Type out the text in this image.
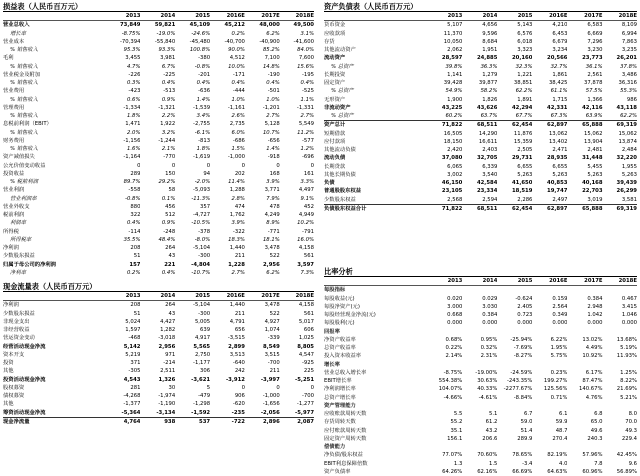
损益表（人民币百万元）
	2013	2014	2015	2016E	2017E	2018E
营业总收入	73,849	59,821	45,109	45,212	48,000	49,500
增长率	-8.75%	-19.0%	-24.6%	0.2%	6.2%	3.1%
营业成本	-70,394	-55,840	-45,480	-40,700	-40,900	-41,600
% 销售收入	95.3%	93.3%	100.8%	90.0%	85.2%	84.0%
毛利	3,455	3,981	-380	4,512	7,100	7,600
% 销售收入	4.7%	6.7%	-0.8%	10.0%	14.8%	15.6%
营业税金及附加	-226	-225	-201	-171	-190	-195
% 销售收入	0.3%	0.4%	0.4%	0.4%	0.4%	0.4%
营业费用	-423	-513	-636	-444	-501	-525
% 销售收入	0.6%	0.9%	1.4%	1.0%	1.0%	1.1%
管理费用	-1,334	-1,321	-1,539	-1,161	-1,201	-1,331
% 销售收入	1.8%	2.2%	3.4%	2.6%	2.7%	2.7%
息税前利润（EBIT）	1,471	1,922	-2,755	2,735	5,128	5,549
% 销售收入	2.0%	3.2%	-6.1%	6.0%	10.7%	11.2%
财务费用	-1,156	-1,244	-813	-686	-656	-577
% 销售收入	1.6%	2.1%	1.8%	1.5%	1.4%	1.2%
资产减值损失	-1,164	-770	-1,619	-1,000	-918	-696
公允价值变动收益	0	0	0	0	0	0
投资收益	289	150	94	202	168	161
% 税前利润	89.7%	29.2%	-2.0%	11.4%	3.9%	3.3%
营业利润	-558	58	-5,093	1,288	3,771	4,497
营业利润率	-0.8%	0.1%	-11.3%	2.8%	7.9%	9.1%
营业外收支	880	456	357	474	478	452
税前利润	322	512	-4,727	1,762	4,249	4,949
利润率	0.4%	0.9%	-10.5%	3.9%	8.9%	10.2%
所得税	-114	-248	-378	-322	-771	-791
所得税率	35.5%	48.4%	-8.0%	18.3%	18.1%	16.0%
净利润	208	264	-5,104	1,440	3,478	4,158
少数股东损益	51	43	-300	211	522	561
归属于母公司的净利润	157	221	-4,804	1,228	2,956	3,597
净利率	0.2%	0.4%	-10.7%	2.7%	6.2%	7.3%
资产负债表（人民币百万元）
	2013	2014	2015	2016E	2017E	2018E
货币资金	5,107	4,656	5,143	4,210	6,583	8,109
应收款项	11,370	9,596	6,576	6,453	6,669	6,994
存货	10,050	8,684	6,018	6,679	7,296	7,863
其他流动资产	2,062	1,951	3,323	3,234	3,230	3,235
流动资产	28,597	24,885	20,160	20,566	23,773	26,201
% 总资产	39.8%	36.3%	32.3%	32.7%	36.1%	37.8%
长期投资	1,141	1,279	1,221	1,861	2,561	3,486
固定资产	39,428	39,877	38,851	38,425	37,878	36,316
% 总资产	54.9%	58.2%	62.2%	61.1%	57.5%	55.3%
无形资产	1,900	1,826	1,891	1,715	1,366	986
非流动资产	43,225	43,626	42,294	42,331	42,116	43,118
% 总资产	60.2%	63.7%	67.7%	67.3%	63.9%	62.2%
资产总计	71,822	68,511	62,454	62,897	65,888	69,319
短期借款	16,505	14,290	11,876	13,062	15,062	15,062
应付款项	18,150	16,611	15,359	13,402	13,904	13,874
其他流动负债	2,420	2,403	2,505	2,471	2,481	2,484
流动负债	37,080	32,705	29,731	28,935	31,448	32,220
长期贷款	6,065	6,339	6,655	6,655	5,455	1,955
其他长期负债	3,002	3,540	5,263	5,263	5,263	5,263
负债	46,150	42,584	41,650	40,853	40,168	39,439
普通股股东权益	23,105	23,334	18,519	19,747	22,703	26,299
少数股东权益	2,568	2,594	2,286	2,497	3,019	3,581
负债股东权益合计	71,822	68,511	62,454	62,897	65,888	69,319
现金流量表（人民币百万元）
	2013	2014	2015	2016E	2017E	2018E
净利润	208	264	-5,104	1,440	3,478	4,158
少数股东损益	51	43	-300	211	522	561
非现金支出	5,024	4,427	5,005	4,791	4,927	5,017
非经营收益	1,597	1,282	639	656	1,074	606
营运资金变动	-468	-3,018	4,917	-3,515	-339	1,025
经营活动现金净流	5,142	2,956	5,565	2,899	8,549	8,805
资本开支	5,219	971	2,750	3,513	3,515	4,547
投资	371	-214	-1,177	-640	-700	-925
其他	-305	2,511	306	242	211	225
投资活动现金净流	4,543	1,326	-3,621	-3,912	-3,997	-5,251
股权募资	281	30	5	0	0	0
债权募资	-4,268	-1,974	-479	906	-1,000	-700
其他	-1,377	-1,190	-1,298	-620	-1,656	-1,277
筹资活动现金净流	-5,364	-3,134	-1,592	-235	-2,056	-5,977
现金净流量	4,764	938	537	-722	2,896	2,087
比率分析
	2013	2014	2015	2016E	2017E	2018E
每股指标						
每股收益(元)	0.020	0.029	-0.624	0.159	0.384	0.467
每股净资产(元)	3.000	3.030	2.405	2.564	2.948	3.415
每股经营现金净流(元)	0.668	0.384	0.723	0.349	1.042	1.046
每股股利(元)	0.000	0.000	0.000	0.000	0.000	0.000
回报率						
净资产收益率	0.68%	0.95%	-25.94%	6.22%	13.02%	13.68%
总资产收益率	0.22%	0.32%	-7.69%	1.95%	4.49%	5.19%
投入资本收益率	2.14%	2.31%	-8.27%	5.75%	10.92%	11.93%
增长率						
营业总收入增长率	-8.75%	-19.00%	-24.59%	0.23%	6.17%	1.25%
EBIT增长率	554.38%	30.63%	-243.35%	199.27%	87.47%	8.22%
净利润增长率	104.07%	40.33%	-2277.67%	125.56%	140.67%	21.69%
总资产增长率	-4.66%	-4.61%	-8.84%	0.71%	4.76%	5.21%
资产管理能力						
应收账款周转天数	5.5	5.1	6.7	6.1	6.8	8.0
存货周转天数	55.2	61.2	59.0	59.9	65.0	70.0
应付账款周转天数	35.1	43.2	51.4	48.7	49.6	49.3
固定资产周转天数	156.1	206.6	289.9	270.4	240.3	229.4
偿债能力						
净负债/股东权益	77.07%	70.60%	78.65%	82.19%	57.96%	42.45%
EBIT利息保障倍数	1.3	1.5	-3.4	4.0	7.8	9.6
资产负债率	64.26%	62.16%	66.69%	64.63%	60.96%	56.89%
